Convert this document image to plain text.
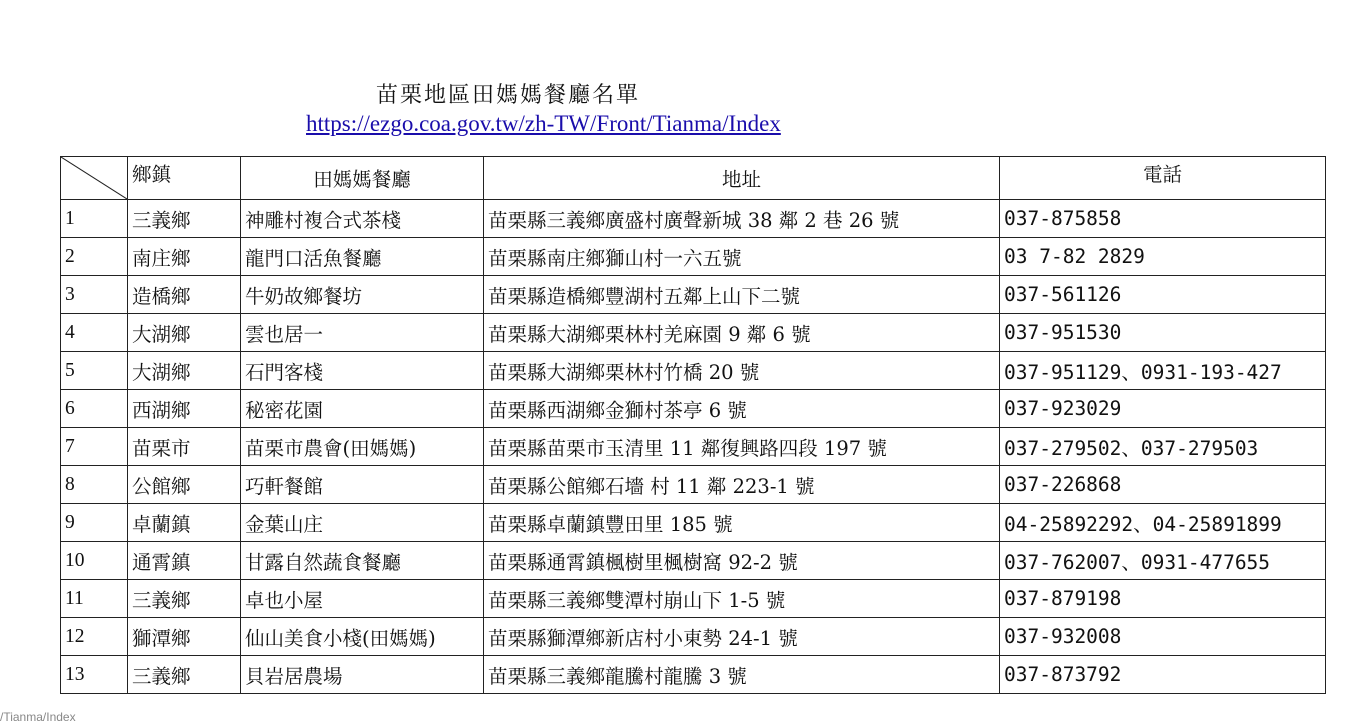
苗栗地區田媽媽餐廳名單
https://ezgo.coa.gov.tw/zh-TW/Front/Tianma/Index
	鄉鎮	田媽媽餐廳	地址	電話
1	三義鄉	神雕村複合式茶棧	苗栗縣三義鄉廣盛村廣聲新城 38 鄰 2 巷 26 號	037-875858
2	南庄鄉	龍門口活魚餐廳	苗栗縣南庄鄉獅山村一六五號	03 7-82 2829
3	造橋鄉	牛奶故鄉餐坊	苗栗縣造橋鄉豐湖村五鄰上山下二號	037-561126
4	大湖鄉	雲也居一	苗栗縣大湖鄉栗林村羌麻園 9 鄰 6 號	037-951530
5	大湖鄉	石門客棧	苗栗縣大湖鄉栗林村竹橋 20 號	037-951129、0931-193-427
6	西湖鄉	秘密花園	苗栗縣西湖鄉金獅村茶亭 6 號	037-923029
7	苗栗市	苗栗市農會(田媽媽)	苗栗縣苗栗市玉清里 11 鄰復興路四段 197 號	037-279502、037-279503
8	公館鄉	巧軒餐館	苗栗縣公館鄉石墻 村 11 鄰 223-1 號	037-226868
9	卓蘭鎮	金葉山庄	苗栗縣卓蘭鎮豐田里 185 號	04-25892292、04-25891899
10	通霄鎮	甘露自然蔬食餐廳	苗栗縣通霄鎮楓樹里楓樹窩 92-2 號	037-762007、0931-477655
11	三義鄉	卓也小屋	苗栗縣三義鄉雙潭村崩山下 1-5 號	037-879198
12	獅潭鄉	仙山美食小棧(田媽媽)	苗栗縣獅潭鄉新店村小東勢 24-1 號	037-932008
13	三義鄉	貝岩居農場	苗栗縣三義鄉龍騰村龍騰 3 號	037-873792
/Tianma/Index
